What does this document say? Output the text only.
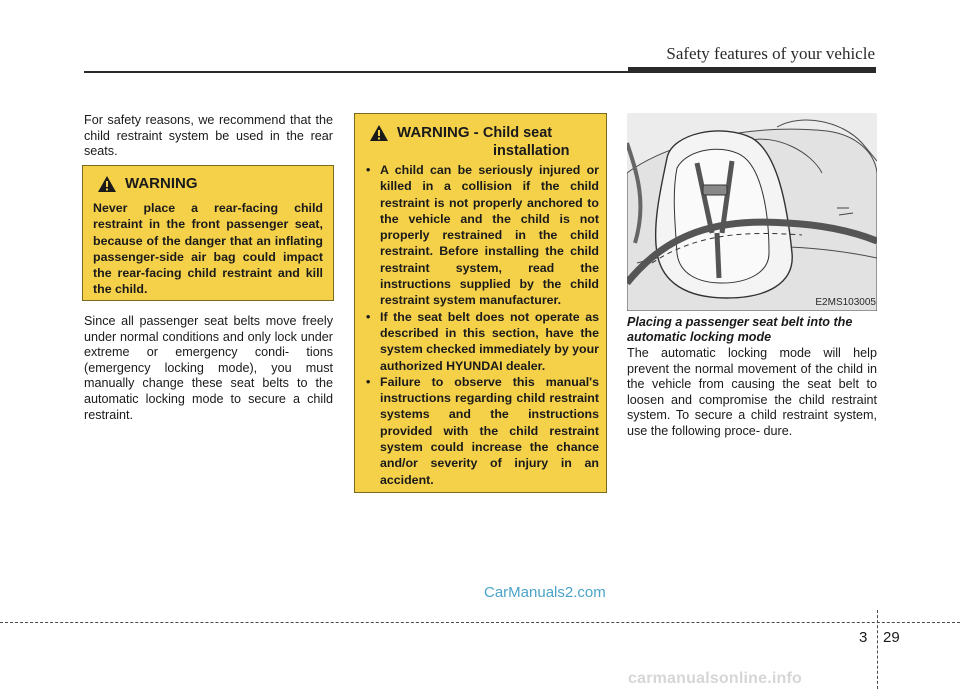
Safety features of your vehicle
For safety reasons, we recommend that the child restraint system be used in the rear seats.
WARNING
Never place a rear-facing child restraint in the front passenger seat, because of the danger that an inflating passenger-side air bag could impact the rear-facing child restraint and kill the child.
Since all passenger seat belts move freely under normal conditions and only lock under extreme or emergency condi- tions (emergency locking mode), you must manually change these seat belts to the automatic locking mode to secure a child restraint.
WARNING - Child seat
installation
• A child can be seriously injured or killed in a collision if the child restraint is not properly anchored to the vehicle and the child is not properly restrained in the child restraint. Before installing the child restraint system, read the instructions supplied by the child restraint system manufacturer.
• If the seat belt does not operate as described in this section, have the system checked immediately by your authorized HYUNDAI dealer.
• Failure to observe this manual's instructions regarding child restraint systems and the instructions provided with the child restraint system could increase the chance and/or severity of injury in an accident.
E2MS103005
Placing a passenger seat belt into the automatic locking mode
The automatic locking mode will help prevent the normal movement of the child in the vehicle from causing the seat belt to loosen and compromise the child restraint system. To secure a child restraint system, use the following proce- dure.
CarManuals2.com
3 29
carmanualsonline.info
